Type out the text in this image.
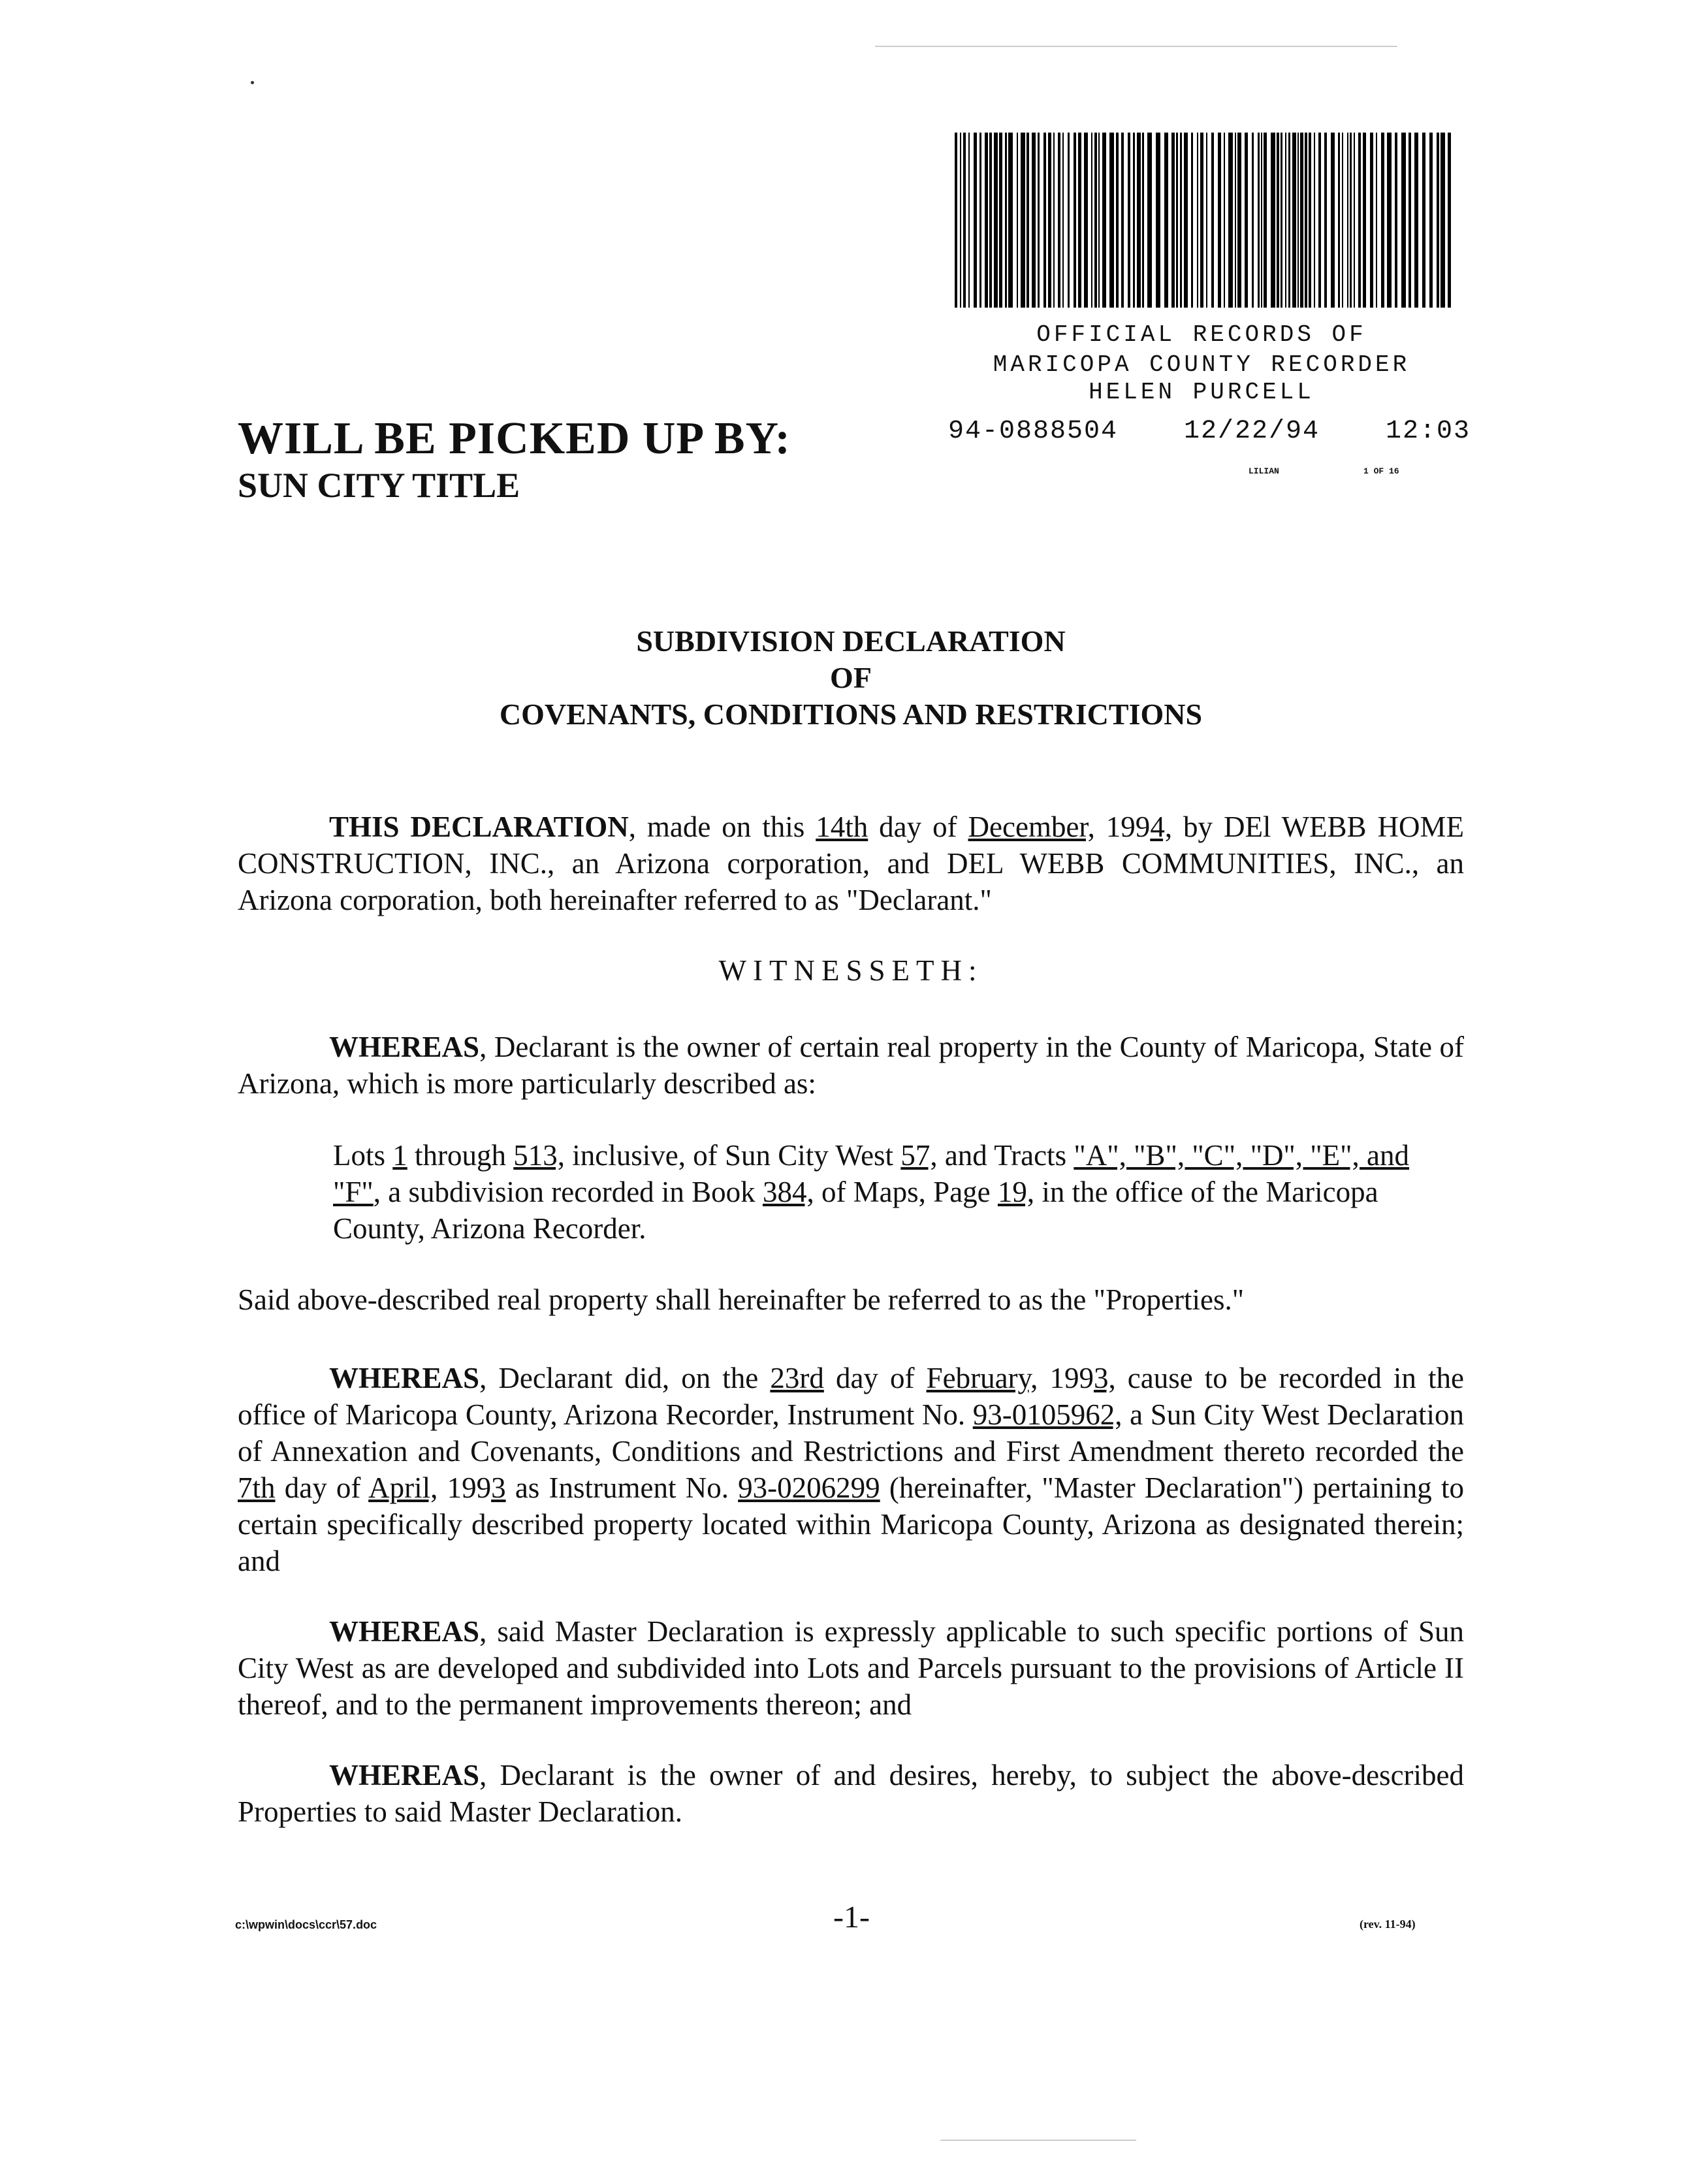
OFFICIAL RECORDS OF
MARICOPA COUNTY RECORDER
HELEN PURCELL
94-0888504	12/22/94	12:03
LILIAN	1 OF 16
WILL BE PICKED UP BY:
SUN CITY TITLE
SUBDIVISION DECLARATION
OF
COVENANTS, CONDITIONS AND RESTRICTIONS
THIS DECLARATION, made on this 14th day of December, 1994, by DEl WEBB HOME CONSTRUCTION, INC., an Arizona corporation, and DEL WEBB COMMUNITIES, INC., an Arizona corporation, both hereinafter referred to as "Declarant."
WITNESSETH:
WHEREAS, Declarant is the owner of certain real property in the County of Maricopa, State of Arizona, which is more particularly described as:
Lots 1 through 513, inclusive, of Sun City West 57, and Tracts "A", "B", "C", "D", "E", and "F", a subdivision recorded in Book 384, of Maps, Page 19, in the office of the Maricopa County, Arizona Recorder.
Said above-described real property shall hereinafter be referred to as the "Properties."
WHEREAS, Declarant did, on the 23rd day of February, 1993, cause to be recorded in the office of Maricopa County, Arizona Recorder, Instrument No. 93-0105962, a Sun City West Declaration of Annexation and Covenants, Conditions and Restrictions and First Amendment thereto recorded the 7th day of April, 1993 as Instrument No. 93-0206299 (hereinafter, "Master Declaration") pertaining to certain specifically described property located within Maricopa County, Arizona as designated therein; and
WHEREAS, said Master Declaration is expressly applicable to such specific portions of Sun City West as are developed and subdivided into Lots and Parcels pursuant to the provisions of Article II thereof, and to the permanent improvements thereon; and
WHEREAS, Declarant is the owner of and desires, hereby, to subject the above-described Properties to said Master Declaration.
c:\wpwin\docs\ccr\57.doc	-1-	(rev. 11-94)
